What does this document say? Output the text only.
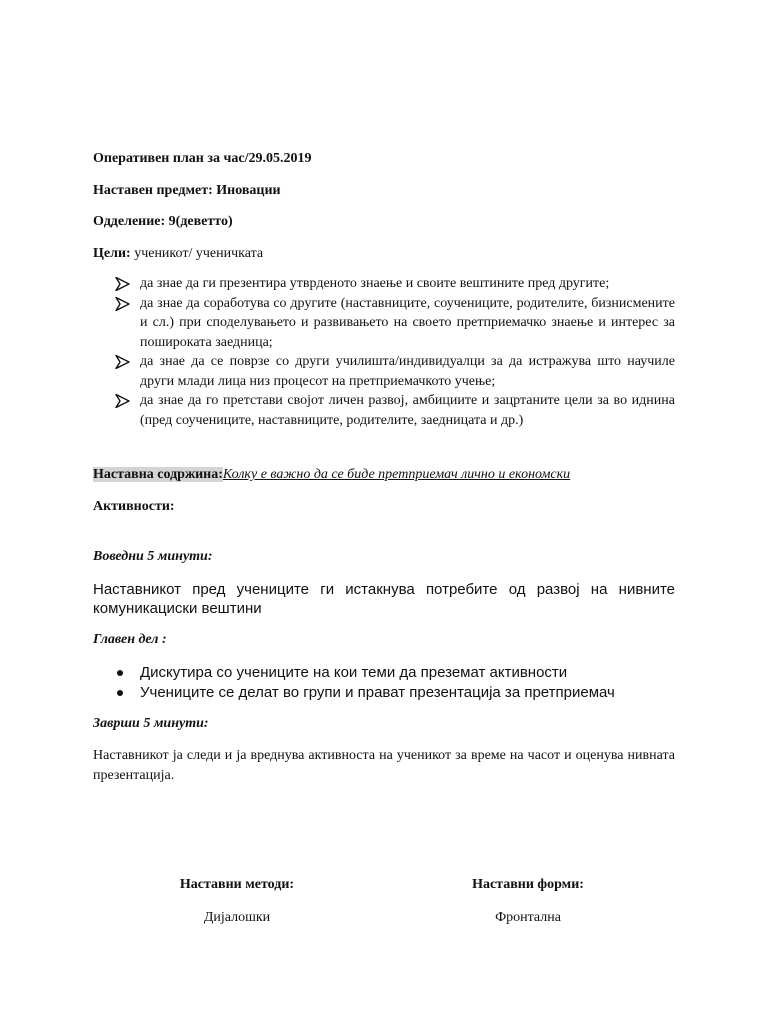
Оперативен план за час/29.05.2019
Наставен предмет: Иновации
Одделение: 9(деветто)
Цели: ученикот/ ученичката
да знае да ги презентира утврденото знаење и своите вештините пред другите;
да знае да соработува со другите (наставниците, соучениците, родителите, бизнисмените и сл.) при споделувањето и развивањето на своето претприемачко знаење и интерес за пошироката заедница;
да знае да се поврзе со други училишта/индивидуалци за да истражува што научиле други млади лица низ процесот на претприемачкото учење;
да знае да го претстави својот личен развој, амбициите и зацртаните цели за во иднина (пред соучениците, наставниците, родителите, заедницата и др.)
Наставна содржина:Колку е важно да се биде претприемач лично и економски
Активности:
Воведни 5 минути:
Наставникот пред учениците ги истакнува потребите од развој на нивните комуникациски вештини
Главен дел :
Дискутира со учениците на кои теми да преземат активности
Учениците се делат во групи и прават презентација за претприемач
Заврши 5 минути:
Наставникот ја следи и ја вреднува активноста на ученикот за време на часот и оценува нивната презентација.
Наставни методи:
Дијалошки
Наставни форми:
Фронтална
